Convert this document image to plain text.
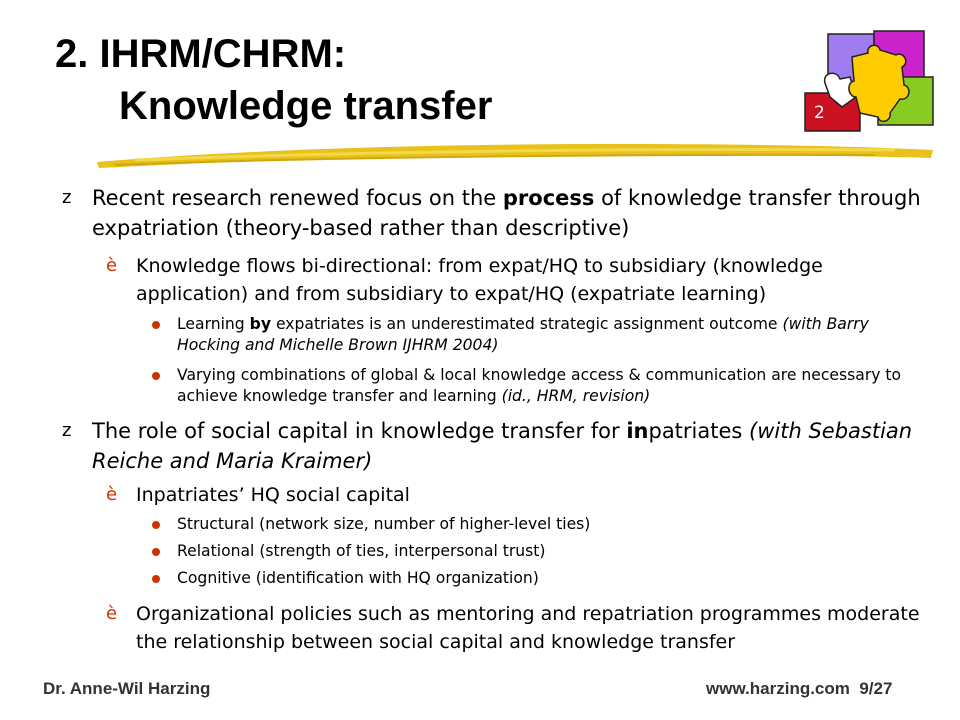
2. IHRM/CHRM:
Knowledge transfer	2
z Recent research renewed focus on the process of knowledge transfer through expatriation (theory-based rather than descriptive)
è Knowledge flows bi-directional: from expat/HQ to subsidiary (knowledge application) and from subsidiary to expat/HQ (expatriate learning)
Learning by expatriates is an underestimated strategic assignment outcome (with Barry Hocking and Michelle Brown IJHRM 2004)
Varying combinations of global & local knowledge access & communication are necessary to achieve knowledge transfer and learning (id., HRM, revision)
z The role of social capital in knowledge transfer for inpatriates (with Sebastian Reiche and Maria Kraimer)
è Inpatriates’ HQ social capital
Structural (network size, number of higher-level ties)
Relational (strength of ties, interpersonal trust)
Cognitive (identification with HQ organization)
è Organizational policies such as mentoring and repatriation programmes moderate the relationship between social capital and knowledge transfer
Dr. Anne-Wil Harzing	www.harzing.com 9/27
